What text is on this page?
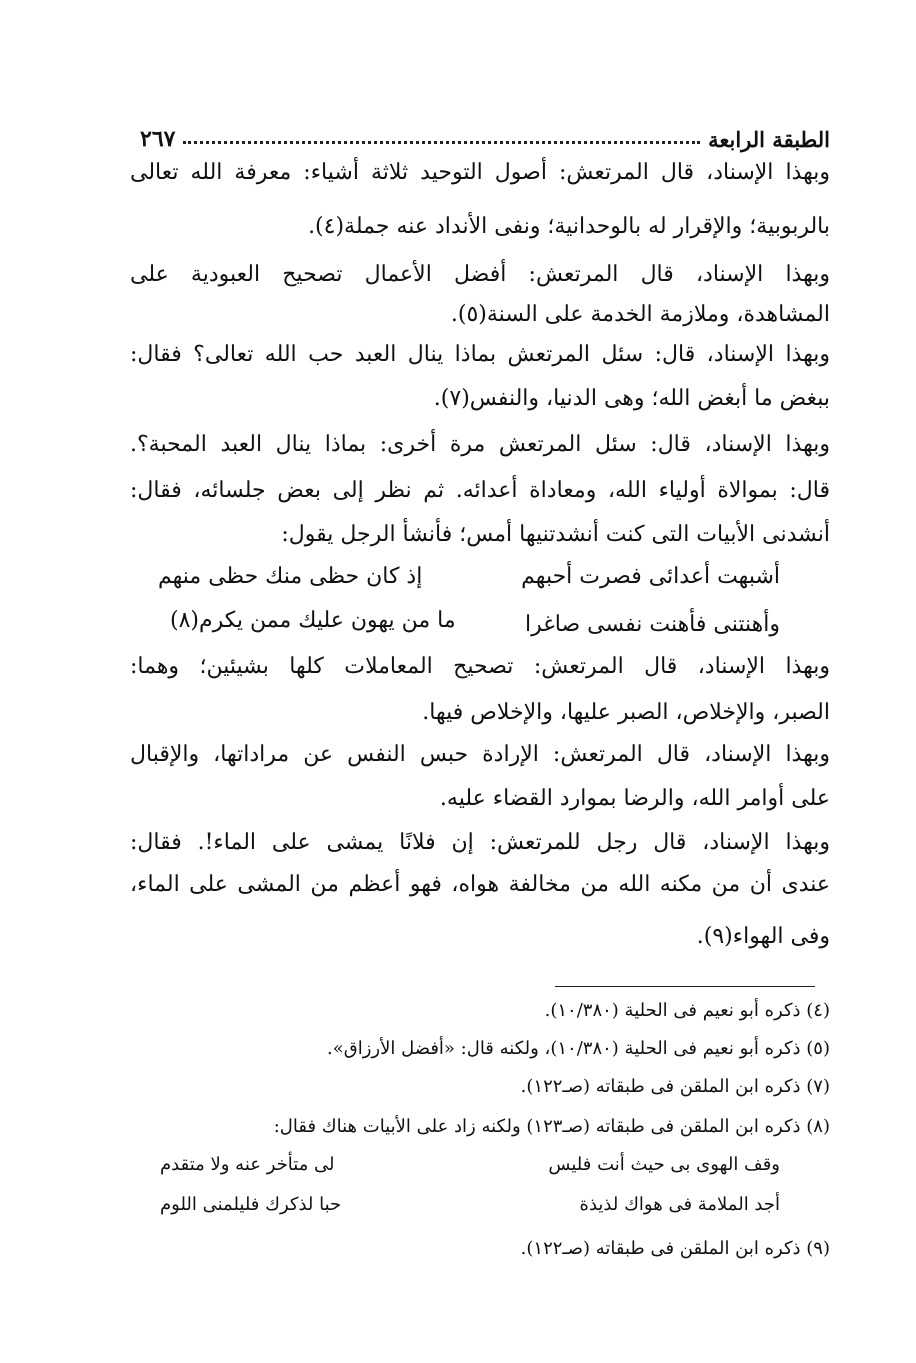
الطبقة الرابعة
٢٦٧
وبهذا الإسناد، قال المرتعش: أصول التوحيد ثلاثة أشياء: معرفة الله تعالى
بالربوبية؛ والإقرار له بالوحدانية؛ ونفى الأنداد عنه جملة(٤).
وبهذا الإسناد، قال المرتعش: أفضل الأعمال تصحيح العبودية على
المشاهدة، وملازمة الخدمة على السنة(٥).
وبهذا الإسناد، قال: سئل المرتعش بماذا ينال العبد حب الله تعالى؟ فقال:
ببغض ما أبغض الله؛ وهى الدنيا، والنفس(٧).
وبهذا الإسناد، قال: سئل المرتعش مرة أخرى: بماذا ينال العبد المحبة؟.
قال: بموالاة أولياء الله، ومعاداة أعدائه. ثم نظر إلى بعض جلسائه، فقال:
أنشدنى الأبيات التى كنت أنشدتنيها أمس؛ فأنشأ الرجل يقول:
أشبهت أعدائى فصرت أحبهم
إذ كان حظى منك حظى منهم
وأهنتنى فأهنت نفسى صاغرا
ما من يهون عليك ممن يكرم(٨)
وبهذا الإسناد، قال المرتعش: تصحيح المعاملات كلها بشيئين؛ وهما:
الصبر، والإخلاص، الصبر عليها، والإخلاص فيها.
وبهذا الإسناد، قال المرتعش: الإرادة حبس النفس عن مراداتها، والإقبال
على أوامر الله، والرضا بموارد القضاء عليه.
وبهذا الإسناد، قال رجل للمرتعش: إن فلانًا يمشى على الماء!. فقال:
عندى أن من مكنه الله من مخالفة هواه، فهو أعظم من المشى على الماء،
وفى الهواء(٩).
(٤) ذكره أبو نعيم فى الحلية (١٠/٣٨٠).
(٥) ذكره أبو نعيم فى الحلية (١٠/٣٨٠)، ولكنه قال: «أفضل الأرزاق».
(٧) ذكره ابن الملقن فى طبقاته (صـ١٢٢).
(٨) ذكره ابن الملقن فى طبقاته (صـ١٢٣) ولكنه زاد على الأبيات هناك فقال:
وقف الهوى بى حيث أنت فليس
لى متأخر عنه ولا متقدم
أجد الملامة فى هواك لذيذة
حبا لذكرك فليلمنى اللوم
(٩) ذكره ابن الملقن فى طبقاته (صـ١٢٢).
